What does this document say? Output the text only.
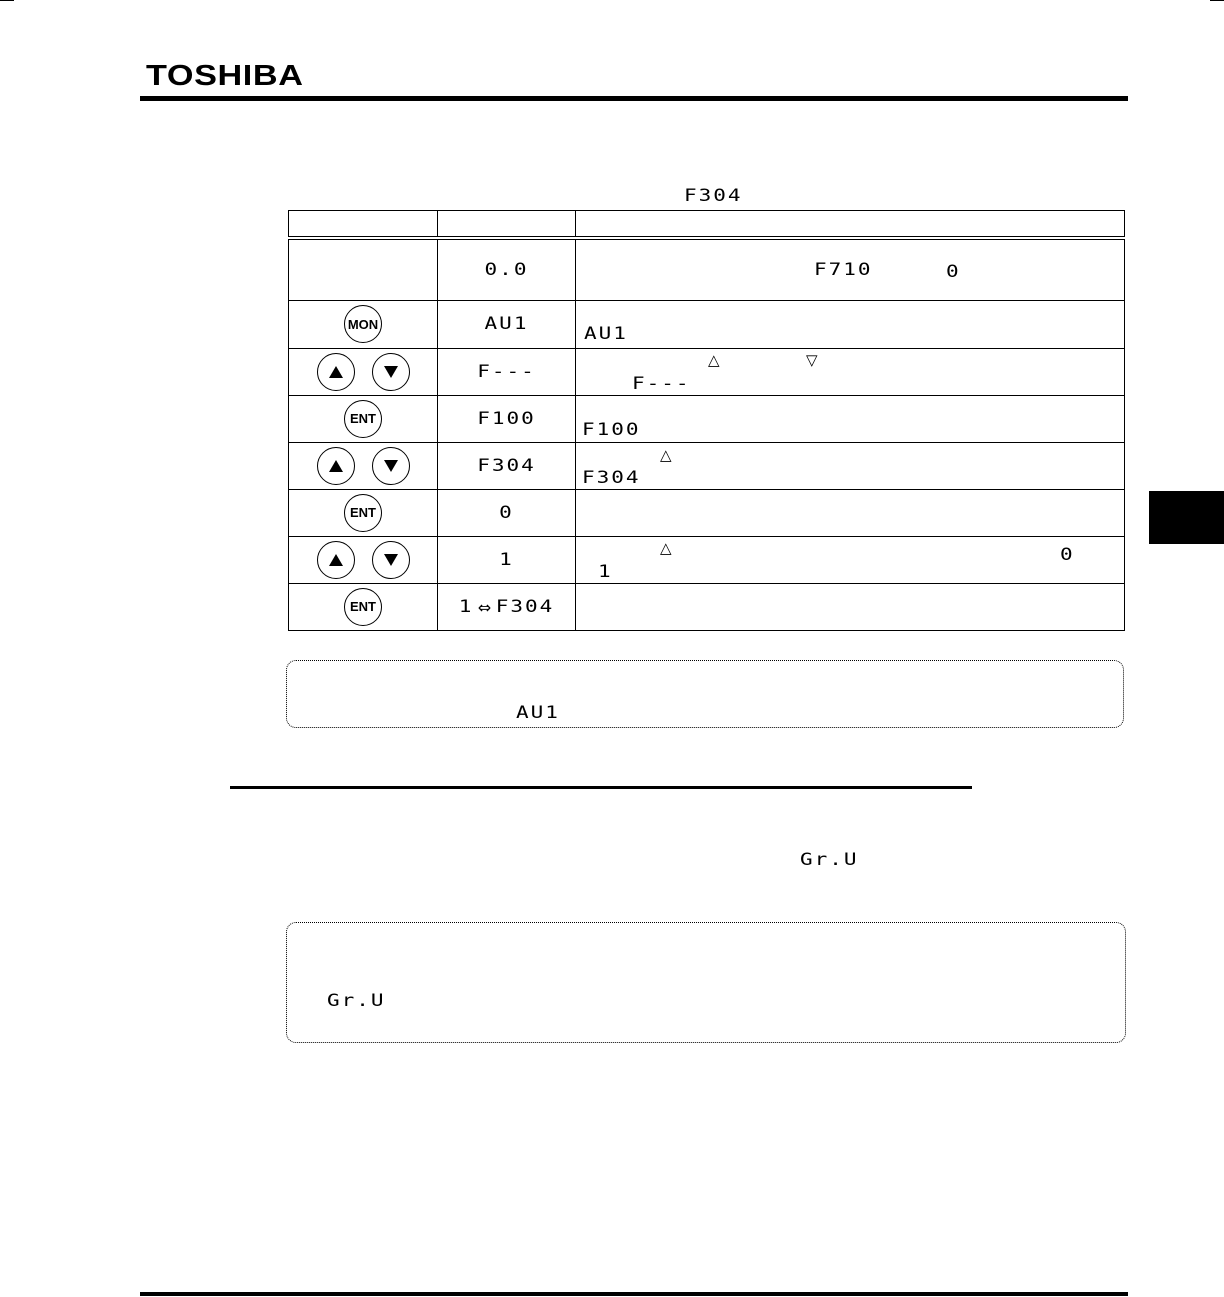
TOSHIBA
F304

	0.0	F710 0

MON	AU1	AU1

	F---	△ ▽
F---

ENT	F100	F100

	F304	△
F304

ENT	0	

	1	△ 0
1

ENT	1 ⇔ F304	
AU1
Gr.U
Gr.U
